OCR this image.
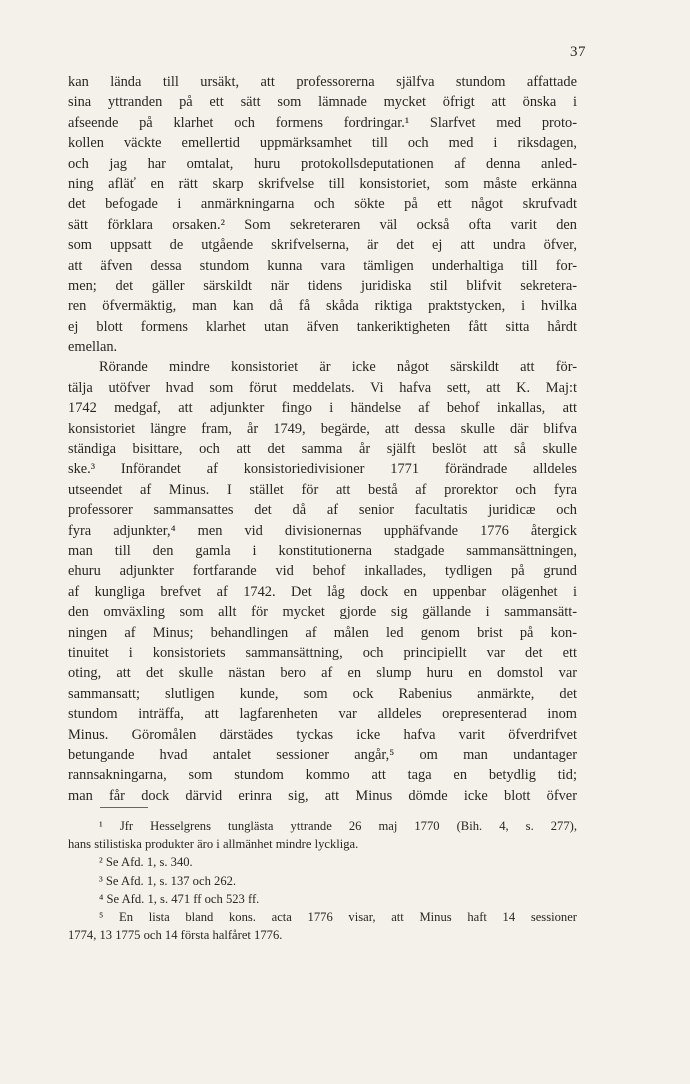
37
kan lända till ursäkt, att professorerna själfva stundom affattade
sina yttranden på ett sätt som lämnade mycket öfrigt att önska i
afseende på klarhet och formens fordringar.¹ Slarfvet med proto-
kollen väckte emellertid uppmärksamhet till och med i riksdagen,
och jag har omtalat, huru protokollsdeputationen af denna anled-
ning afläť en rätt skarp skrifvelse till konsistoriet, som måste erkänna
det befogade i anmärkningarna och sökte på ett något skrufvadt
sätt förklara orsaken.² Som sekreteraren väl också ofta varit den
som uppsatt de utgående skrifvelserna, är det ej att undra öfver,
att äfven dessa stundom kunna vara tämligen underhaltiga till for-
men; det gäller särskildt när tidens juridiska stil blifvit sekretera-
ren öfvermäktig, man kan då få skåda riktiga praktstycken, i hvilka
ej blott formens klarhet utan äfven tankeriktigheten fått sitta hårdt
emellan.
Rörande mindre konsistoriet är icke något särskildt att för-
tälja utöfver hvad som förut meddelats. Vi hafva sett, att K. Maj:t
1742 medgaf, att adjunkter fingo i händelse af behof inkallas, att
konsistoriet längre fram, år 1749, begärde, att dessa skulle där blifva
ständiga bisittare, och att det samma år själft beslöt att så skulle
ske.³ Införandet af konsistoriedivisioner 1771 förändrade alldeles
utseendet af Minus. I stället för att bestå af prorektor och fyra
professorer sammansattes det då af senior facultatis juridicæ och
fyra adjunkter,⁴ men vid divisionernas upphäfvande 1776 återgick
man till den gamla i konstitutionerna stadgade sammansättningen,
ehuru adjunkter fortfarande vid behof inkallades, tydligen på grund
af kungliga brefvet af 1742. Det låg dock en uppenbar olägenhet i
den omväxling som allt för mycket gjorde sig gällande i sammansätt-
ningen af Minus; behandlingen af målen led genom brist på kon-
tinuitet i konsistoriets sammansättning, och principiellt var det ett
oting, att det skulle nästan bero af en slump huru en domstol var
sammansatt; slutligen kunde, som ock Rabenius anmärkte, det
stundom inträffa, att lagfarenheten var alldeles orepresenterad inom
Minus. Göromålen därstädes tyckas icke hafva varit öfverdrifvet
betungande hvad antalet sessioner angår,⁵ om man undantager
rannsakningarna, som stundom kommo att taga en betydlig tid;
man får dock därvid erinra sig, att Minus dömde icke blott öfver
¹ Jfr Hesselgrens tunglästa yttrande 26 maj 1770 (Bih. 4, s. 277),
hans stilistiska produkter äro i allmänhet mindre lyckliga.
² Se Afd. 1, s. 340.
³ Se Afd. 1, s. 137 och 262.
⁴ Se Afd. 1, s. 471 ff och 523 ff.
⁵ En lista bland kons. acta 1776 visar, att Minus haft 14 sessioner
1774, 13 1775 och 14 första halfåret 1776.
